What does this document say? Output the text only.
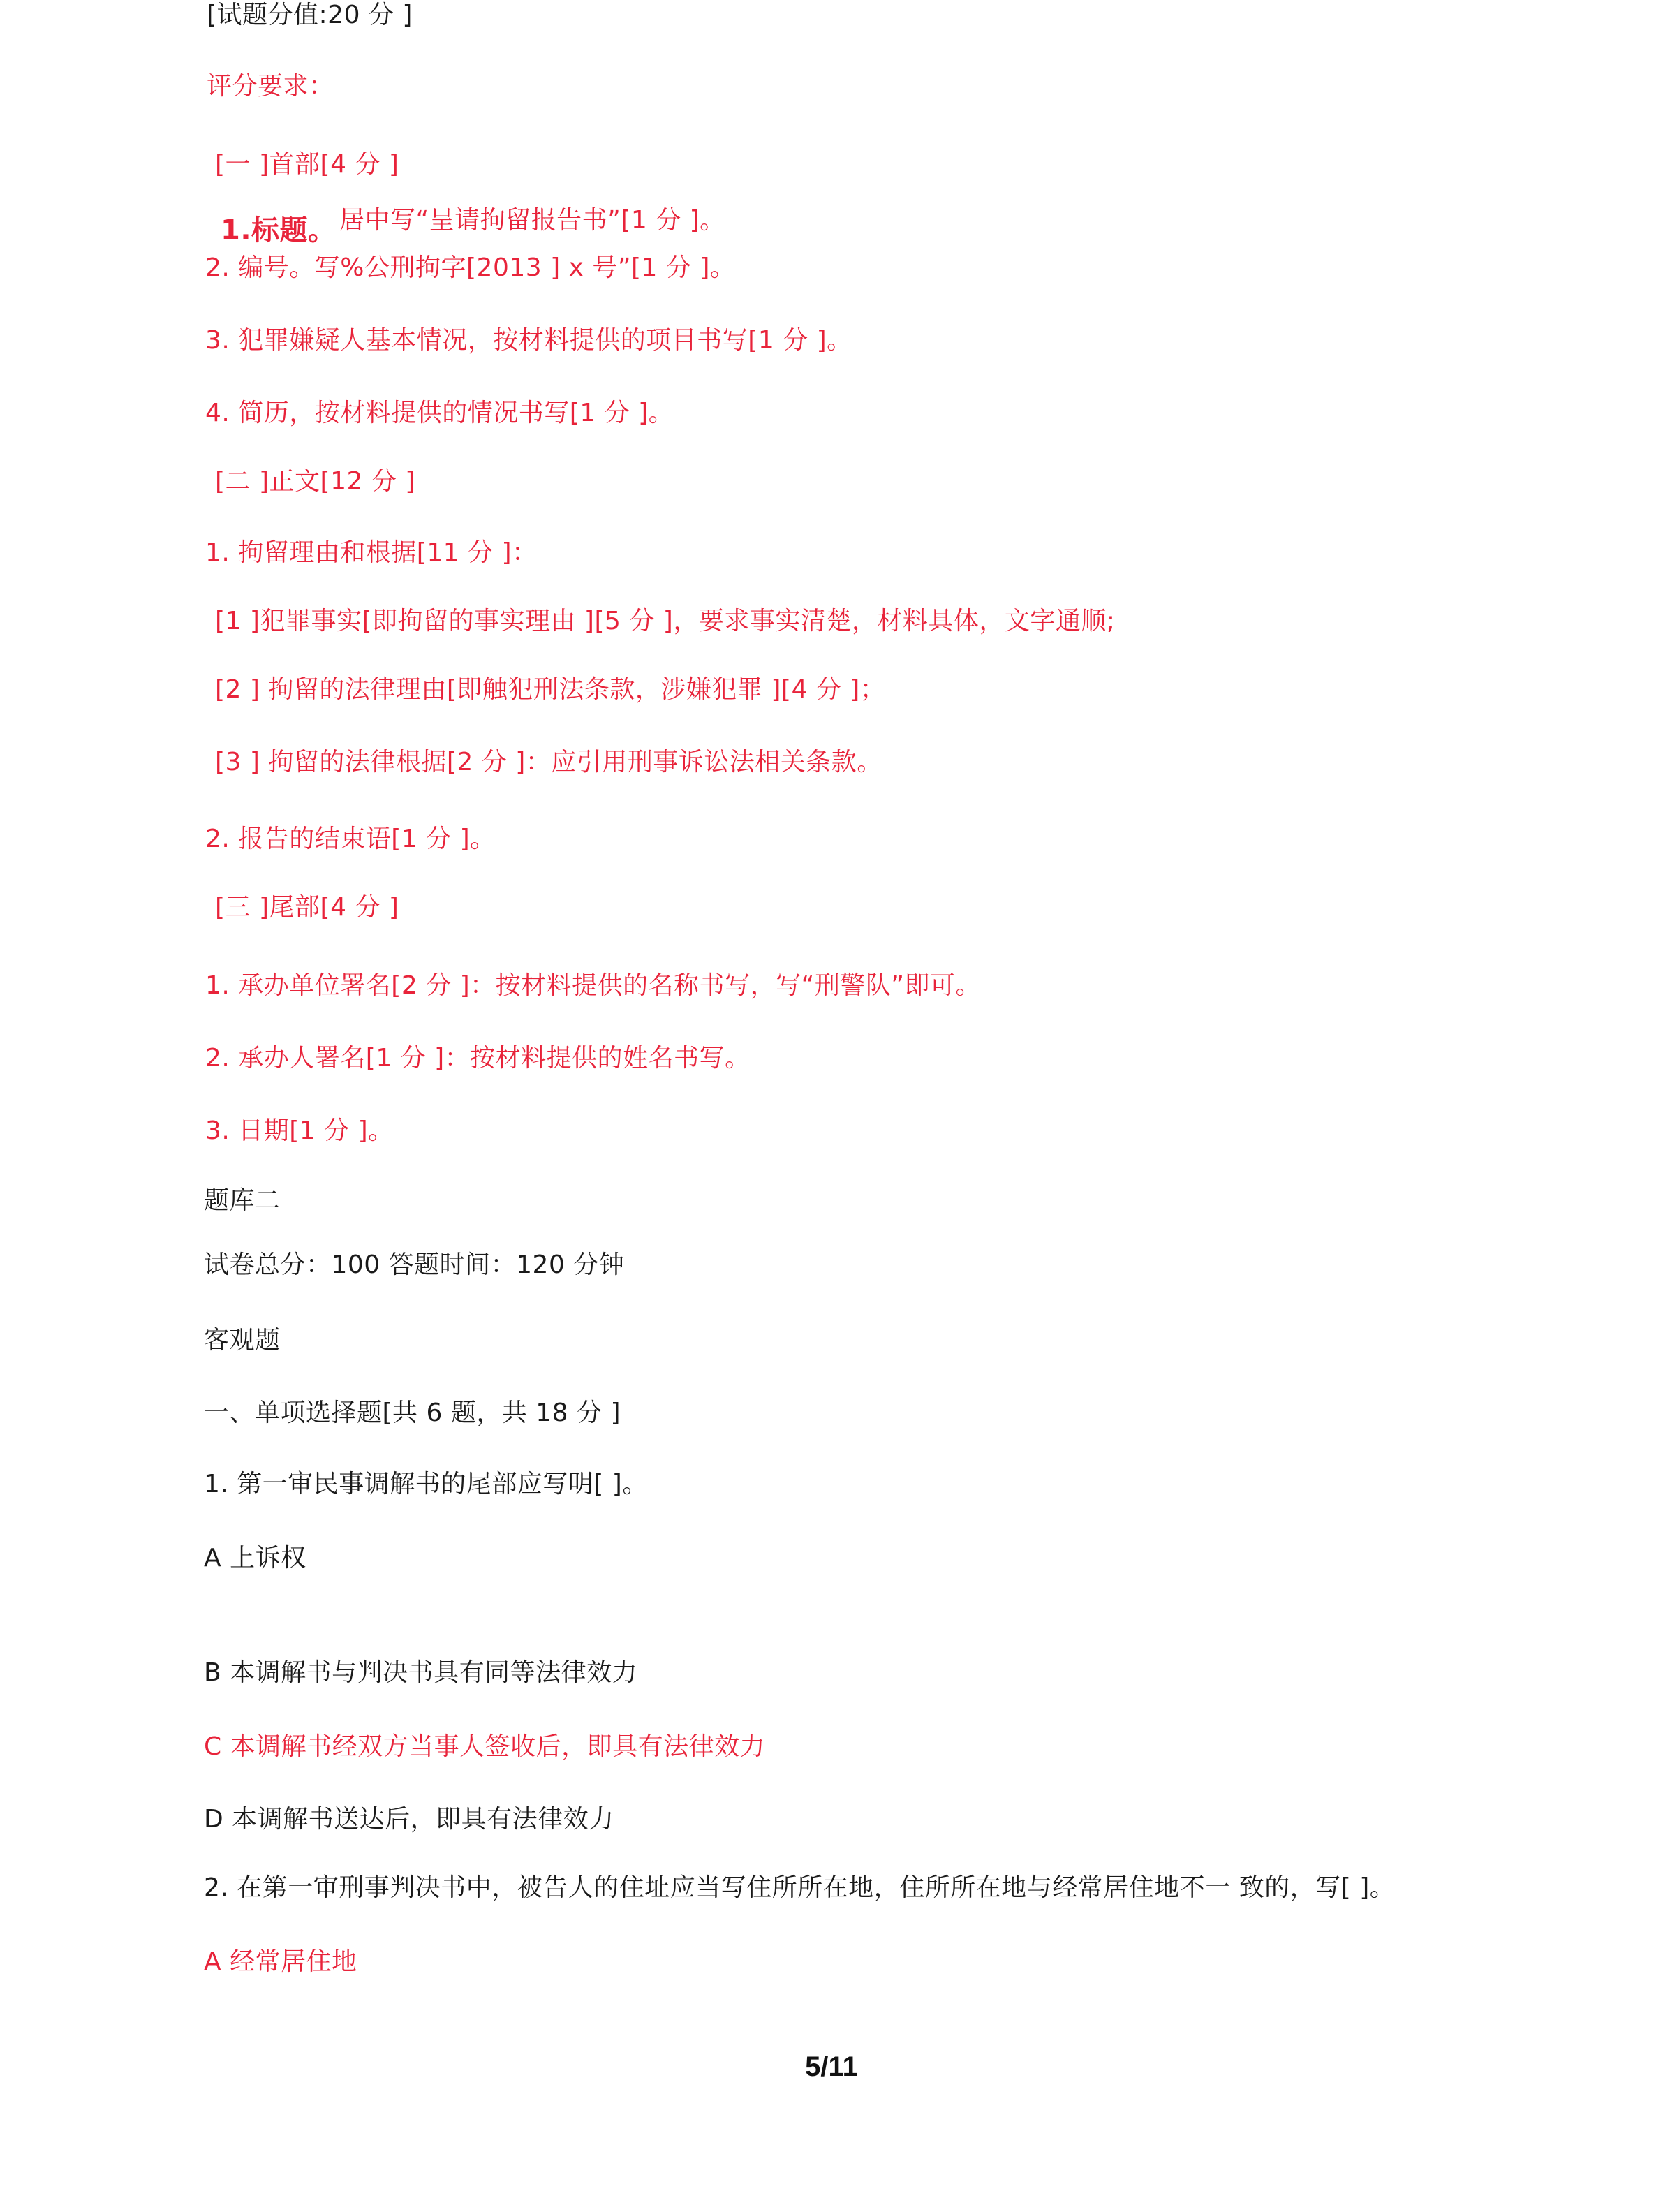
[试题分值:20 分 ]
评分要求：
[一 ]首部[4 分 ]
1.标题。 居中写“呈请拘留报告书”[1 分 ]。
2. 编号。写%公刑拘字[2013 ] x 号”[1 分 ]。
3. 犯罪嫌疑人基本情况，按材料提供的项目书写[1 分 ]。
4. 简历，按材料提供的情况书写[1 分 ]。
[二 ]正文[12 分 ]
1. 拘留理由和根据[11 分 ]：
[1 ]犯罪事实[即拘留的事实理由 ][5 分 ]，要求事实清楚，材料具体，文字通顺;
[2 ] 拘留的法律理由[即触犯刑法条款，涉嫌犯罪 ][4 分 ]；
[3 ] 拘留的法律根据[2 分 ]：应引用刑事诉讼法相关条款。
2. 报告的结束语[1 分 ]。
[三 ]尾部[4 分 ]
1. 承办单位署名[2 分 ]：按材料提供的名称书写，写“刑警队”即可。
2. 承办人署名[1 分 ]：按材料提供的姓名书写。
3. 日期[1 分 ]。
题库二
试卷总分：100 答题时间：120 分钟
客观题
一、单项选择题[共 6 题，共 18 分 ]
1. 第一审民事调解书的尾部应写明[ ]。
A 上诉权
B 本调解书与判决书具有同等法律效力
C 本调解书经双方当事人签收后，即具有法律效力
D 本调解书送达后，即具有法律效力
2. 在第一审刑事判决书中，被告人的住址应当写住所所在地，住所所在地与经常居住地不一 致的，写[ ]。
A 经常居住地
5/11
